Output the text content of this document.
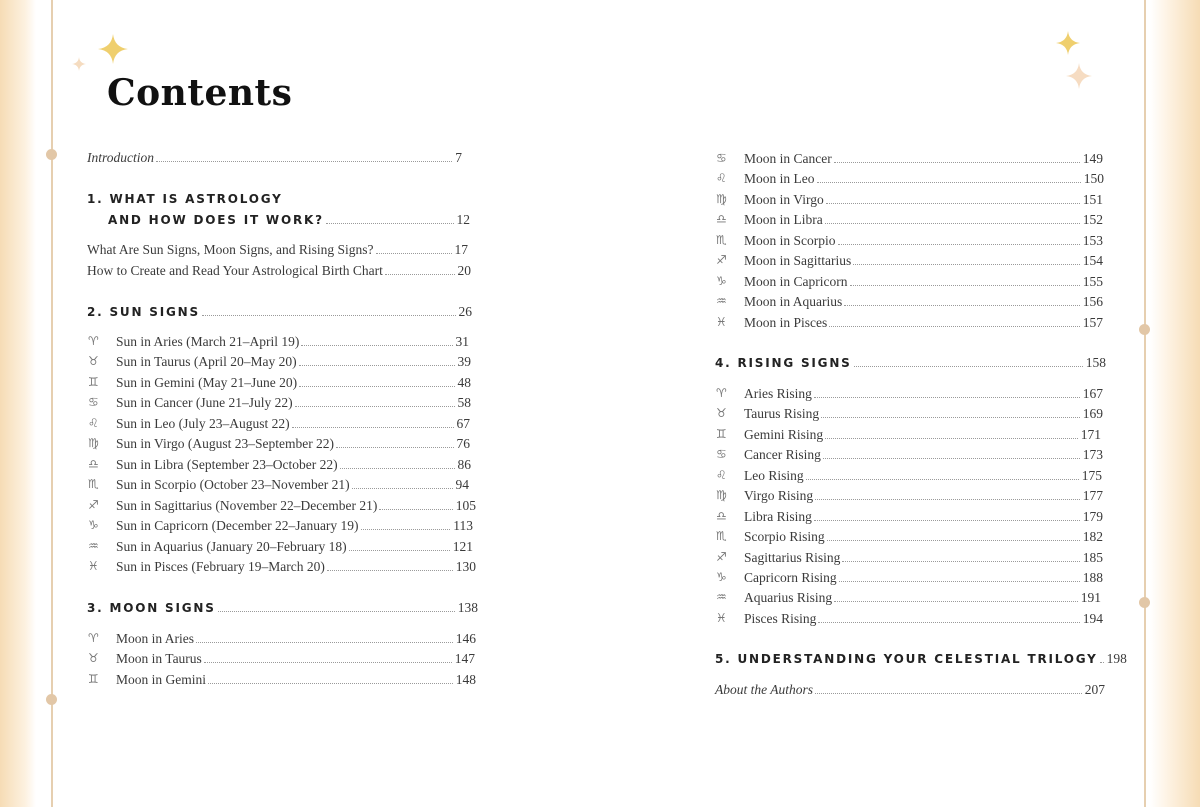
Contents
Introduction	7
1. WHAT IS ASTROLOGY
AND HOW DOES IT WORK?	12
What Are Sun Signs, Moon Signs, and Rising Signs?	17
How to Create and Read Your Astrological Birth Chart	20
2. SUN SIGNS	26
♈ Sun in Aries (March 21–April 19)	31
♉ Sun in Taurus (April 20–May 20)	39
♊ Sun in Gemini (May 21–June 20)	48
♋ Sun in Cancer (June 21–July 22)	58
♌ Sun in Leo (July 23–August 22)	67
♍ Sun in Virgo (August 23–September 22)	76
♎ Sun in Libra (September 23–October 22)	86
♏ Sun in Scorpio (October 23–November 21)	94
♐ Sun in Sagittarius (November 22–December 21)	105
♑ Sun in Capricorn (December 22–January 19)	113
♒ Sun in Aquarius (January 20–February 18)	121
♓ Sun in Pisces (February 19–March 20)	130
3. MOON SIGNS	138
♈ Moon in Aries	146
♉ Moon in Taurus	147
♊ Moon in Gemini	148
♋ Moon in Cancer	149
♌ Moon in Leo	150
♍ Moon in Virgo	151
♎ Moon in Libra	152
♏ Moon in Scorpio	153
♐ Moon in Sagittarius	154
♑ Moon in Capricorn	155
♒ Moon in Aquarius	156
♓ Moon in Pisces	157
4. RISING SIGNS	158
♈ Aries Rising	167
♉ Taurus Rising	169
♊ Gemini Rising	171
♋ Cancer Rising	173
♌ Leo Rising	175
♍ Virgo Rising	177
♎ Libra Rising	179
♏ Scorpio Rising	182
♐ Sagittarius Rising	185
♑ Capricorn Rising	188
♒ Aquarius Rising	191
♓ Pisces Rising	194
5. UNDERSTANDING YOUR CELESTIAL TRILOGY 198
About the Authors	207
